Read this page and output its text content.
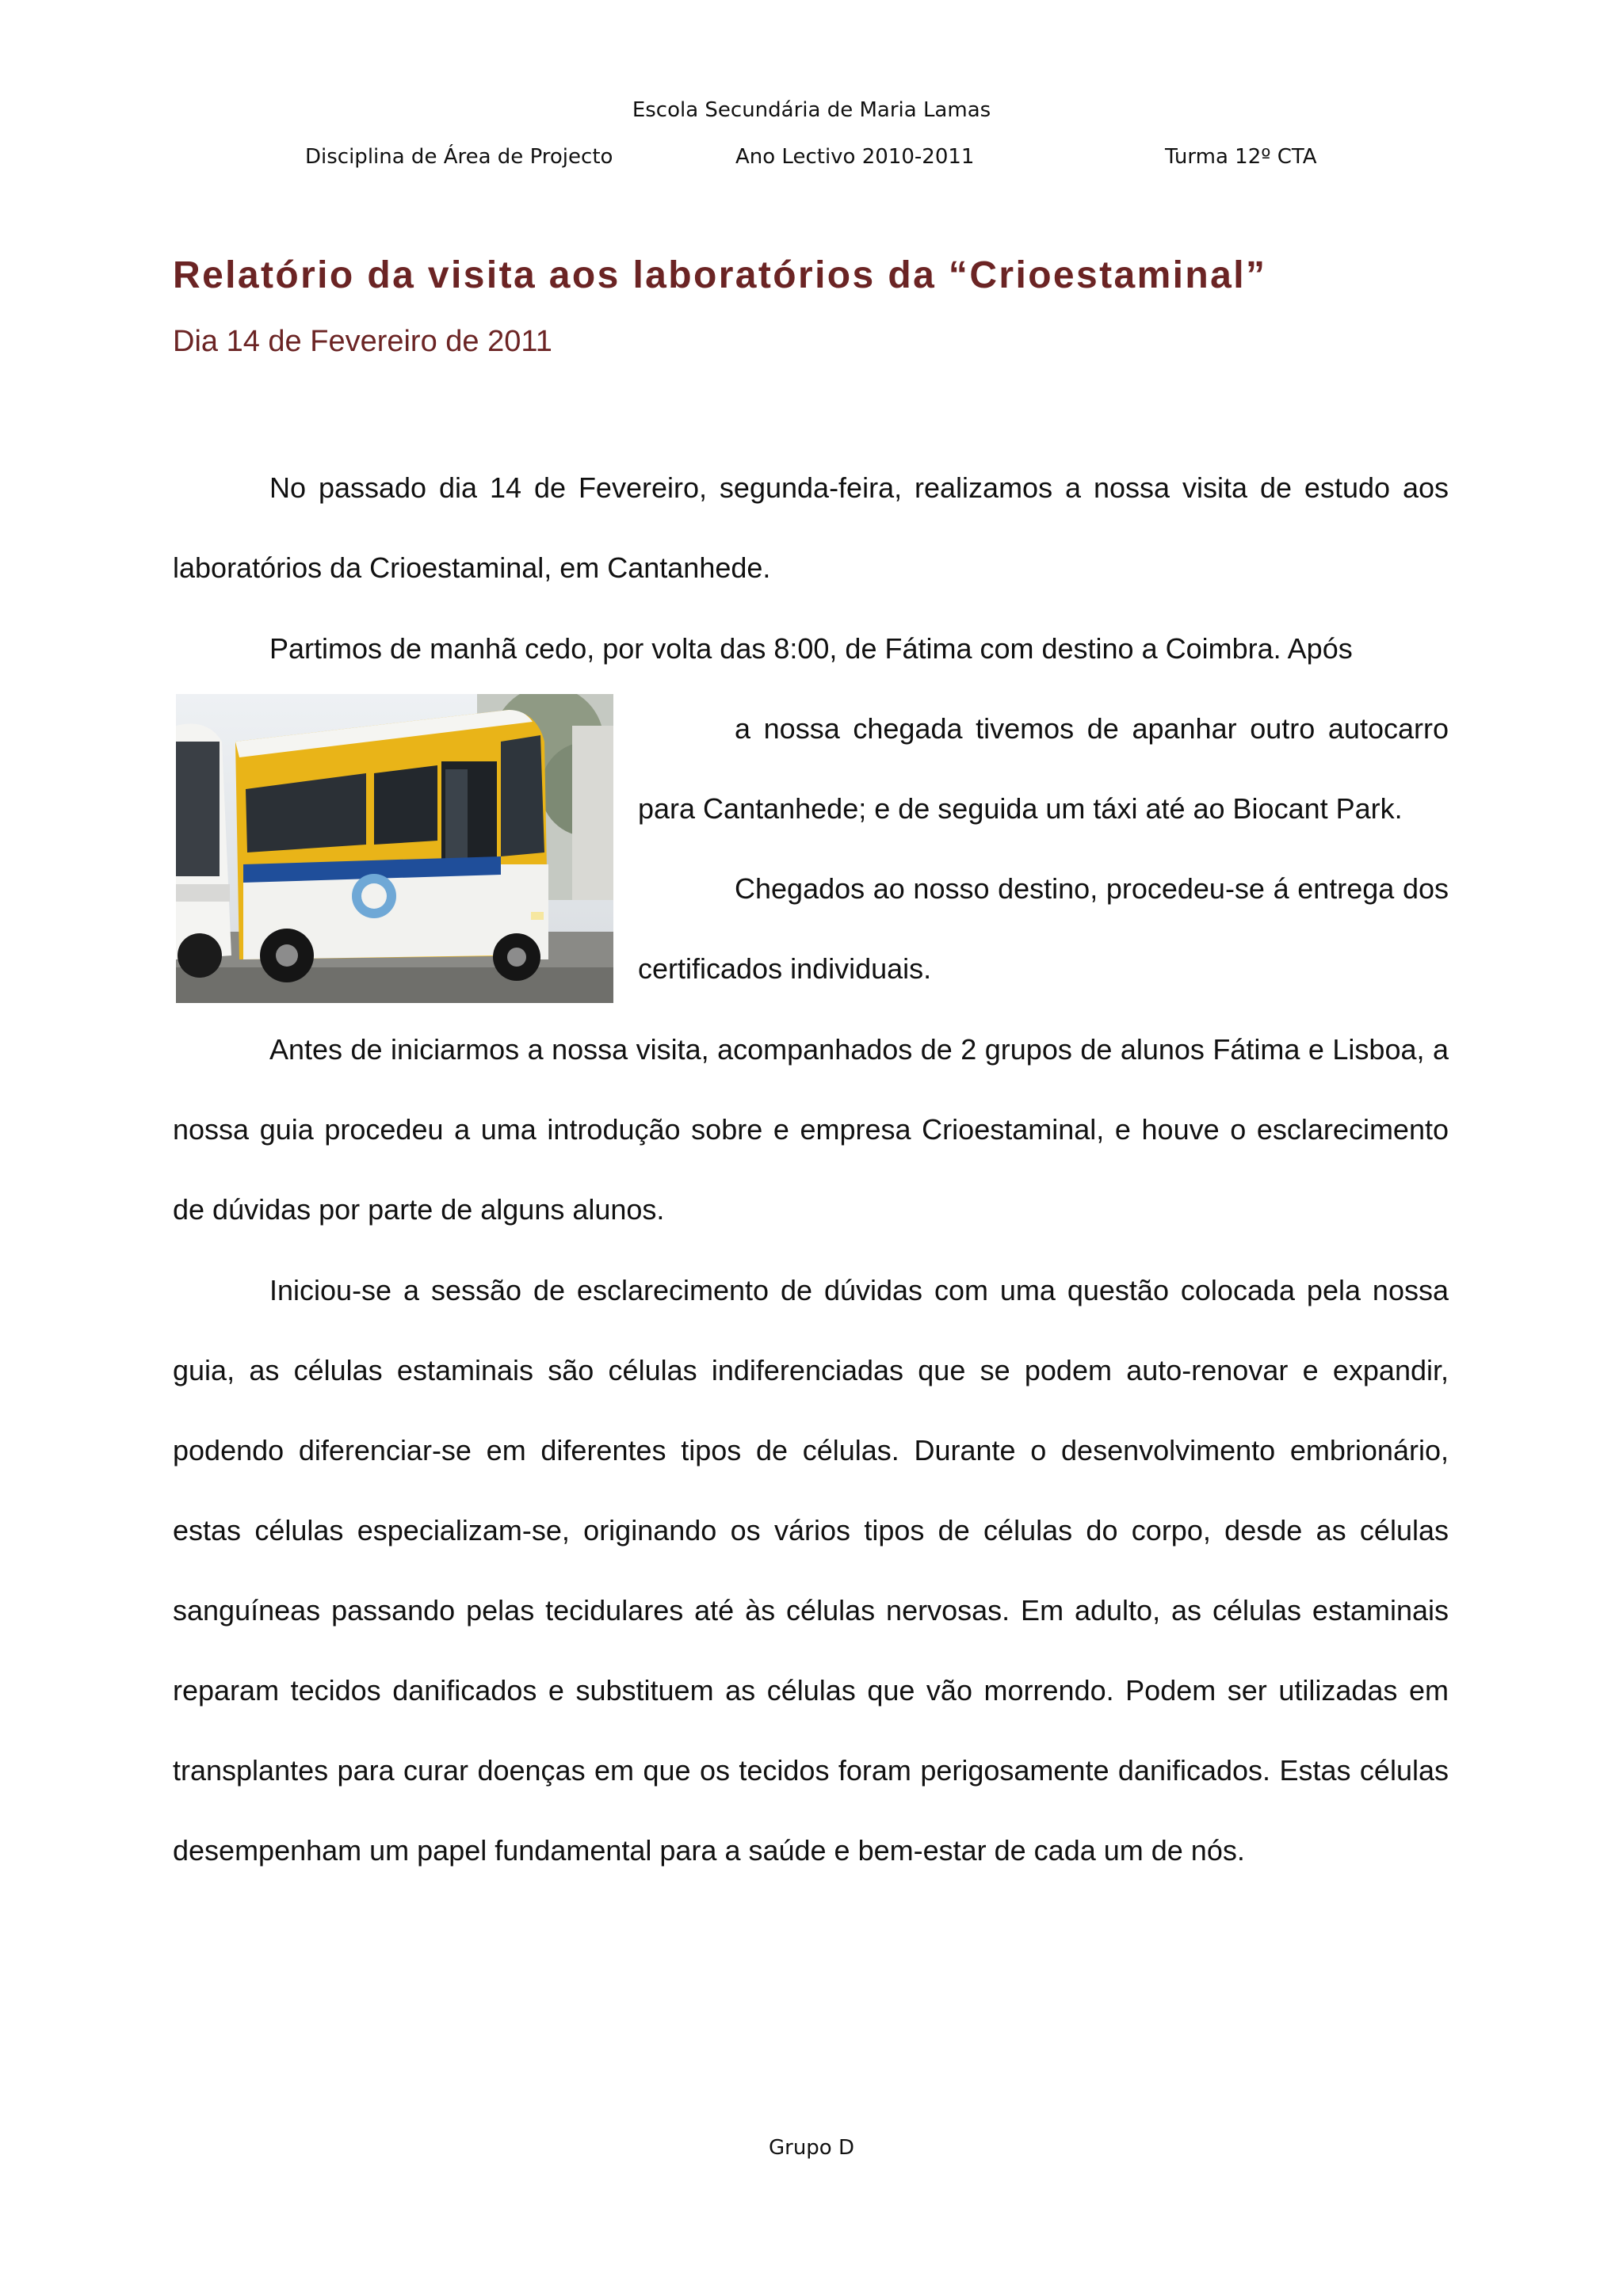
Escola Secundária de Maria Lamas
Disciplina de Área de Projecto	Ano Lectivo 2010-2011	Turma 12º CTA
Relatório da visita aos laboratórios da “Crioestaminal”
Dia 14 de Fevereiro de 2011
No passado dia 14 de Fevereiro, segunda-feira, realizamos a nossa visita de estudo aos laboratórios da Crioestaminal, em Cantanhede.
Partimos de manhã cedo, por volta das 8:00, de Fátima com destino a Coimbra. Após
a nossa chegada tivemos de apanhar outro autocarro para Cantanhede; e de seguida um táxi até ao Biocant Park.
Chegados ao nosso destino, procedeu-se á entrega dos certificados individuais.
Antes de iniciarmos a nossa visita, acompanhados de 2 grupos de alunos Fátima e Lisboa, a nossa guia procedeu a uma introdução sobre e empresa Crioestaminal, e houve o esclarecimento de dúvidas por parte de alguns alunos.
Iniciou-se a sessão de esclarecimento de dúvidas com uma questão colocada pela nossa guia, as células estaminais são células indiferenciadas que se podem auto-renovar e expandir, podendo diferenciar-se em diferentes tipos de células. Durante o desenvolvimento embrionário, estas células especializam-se, originando os vários tipos de células do corpo, desde as células sanguíneas passando pelas tecidulares até às células nervosas. Em adulto, as células estaminais reparam tecidos danificados e substituem as células que vão morrendo. Podem ser utilizadas em transplantes para curar doenças em que os tecidos foram perigosamente danificados. Estas células desempenham um papel fundamental para a saúde e bem-estar de cada um de nós.
Grupo D
